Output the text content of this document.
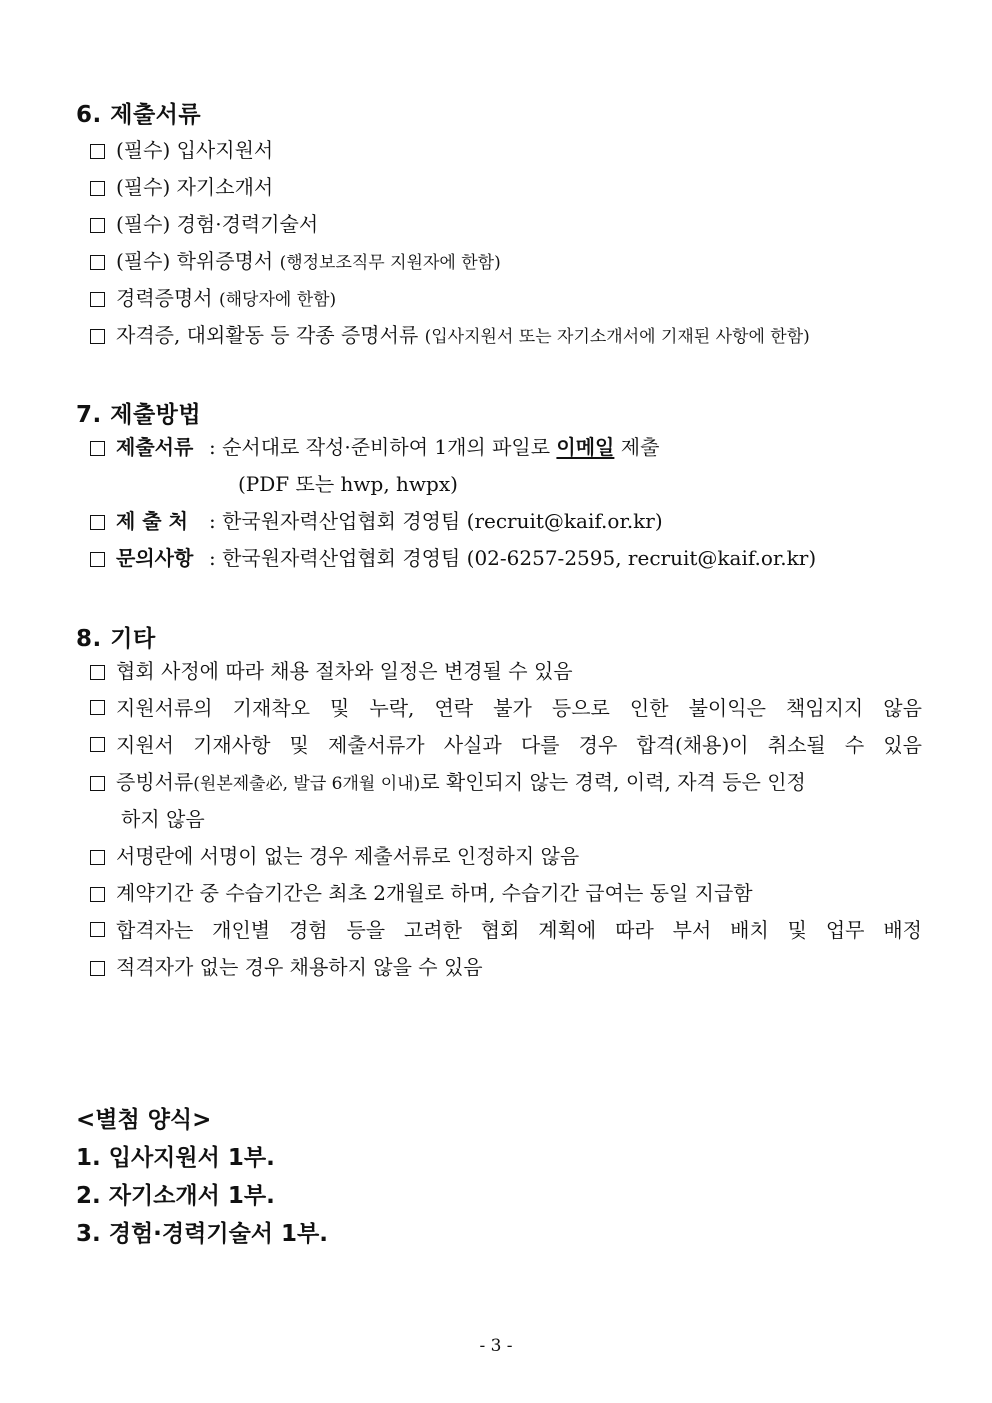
6. 제출서류
(필수) 입사지원서
(필수) 자기소개서
(필수) 경험·경력기술서
(필수) 학위증명서 (행정보조직무 지원자에 한함)
경력증명서 (해당자에 한함)
자격증, 대외활동 등 각종 증명서류 (입사지원서 또는 자기소개서에 기재된 사항에 한함)
7. 제출방법
제출서류 : 순서대로 작성·준비하여 1개의 파일로 이메일 제출
(PDF 또는 hwp, hwpx)
제 출 처 : 한국원자력산업협회 경영팀 (recruit@kaif.or.kr)
문의사항 : 한국원자력산업협회 경영팀 (02-6257-2595, recruit@kaif.or.kr)
8. 기타
협회 사정에 따라 채용 절차와 일정은 변경될 수 있음
지원서류의 기재착오 및 누락, 연락 불가 등으로 인한 불이익은 책임지지 않음
지원서 기재사항 및 제출서류가 사실과 다를 경우 합격(채용)이 취소될 수 있음
증빙서류(원본제출必, 발급 6개월 이내)로 확인되지 않는 경력, 이력, 자격 등은 인정
하지 않음
서명란에 서명이 없는 경우 제출서류로 인정하지 않음
계약기간 중 수습기간은 최초 2개월로 하며, 수습기간 급여는 동일 지급함
합격자는 개인별 경험 등을 고려한 협회 계획에 따라 부서 배치 및 업무 배정
적격자가 없는 경우 채용하지 않을 수 있음
<별첨 양식>
1. 입사지원서 1부.
2. 자기소개서 1부.
3. 경험·경력기술서 1부.
- 3 -
